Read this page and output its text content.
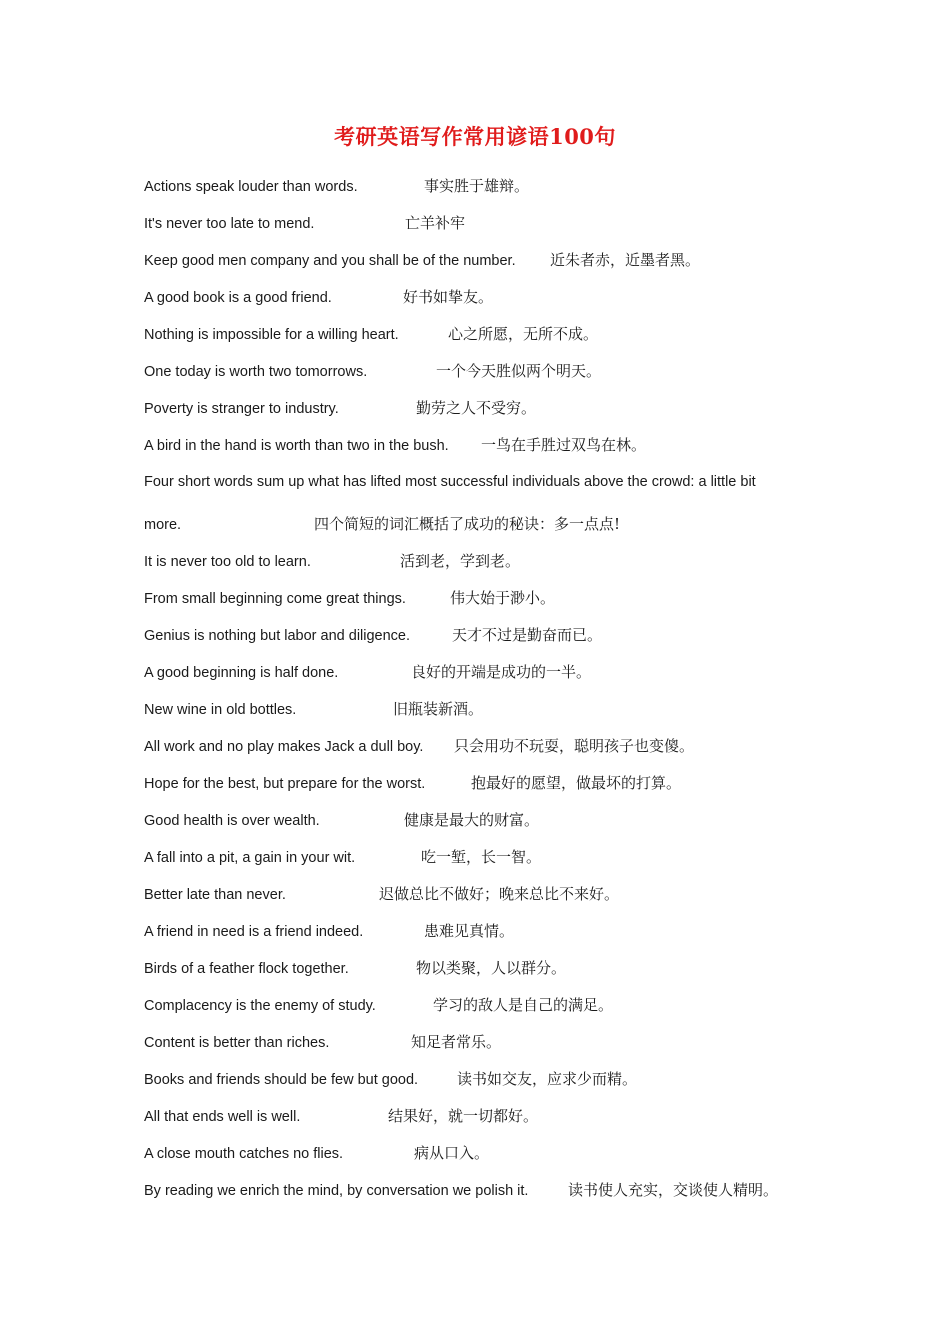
考研英语写作常用谚语100句
Actions speak louder than words.	事实胜于雄辩。
It's never too late to mend.	亡羊补牢
Keep good men company and you shall be of the number. 近朱者赤，近墨者黑。
A good book is a good friend.	好书如挚友。
Nothing is impossible for a willing heart.	心之所愿，无所不成。
One today is worth two tomorrows.	一个今天胜似两个明天。
Poverty is stranger to industry.	勤劳之人不受穷。
A bird in the hand is worth than two in the bush. 一鸟在手胜过双鸟在林。
Four short words sum up what has lifted most successful individuals above the crowd: a little bit
more.	四个简短的词汇概括了成功的秘诀：多一点点!
It is never too old to learn.	活到老，学到老。
From small beginning come great things.	伟大始于渺小。
Genius is nothing but labor and diligence.	天才不过是勤奋而已。
A good beginning is half done.	良好的开端是成功的一半。
New wine in old bottles.	旧瓶装新酒。
All work and no play makes Jack a dull boy. 只会用功不玩耍，聪明孩子也变傻。
Hope for the best, but prepare for the worst.	抱最好的愿望，做最坏的打算。
Good health is over wealth.	健康是最大的财富。
A fall into a pit, a gain in your wit.	吃一堑，长一智。
Better late than never.	迟做总比不做好；晚来总比不来好。
A friend in need is a friend indeed.	患难见真情。
Birds of a feather flock together.	物以类聚，人以群分。
Complacency is the enemy of study.	学习的敌人是自己的满足。
Content is better than riches.	知足者常乐。
Books and friends should be few but good.	读书如交友，应求少而精。
All that ends well is well.	结果好，就一切都好。
A close mouth catches no flies.	病从口入。
By reading we enrich the mind, by conversation we polish it.	读书使人充实，交谈使人精明。
